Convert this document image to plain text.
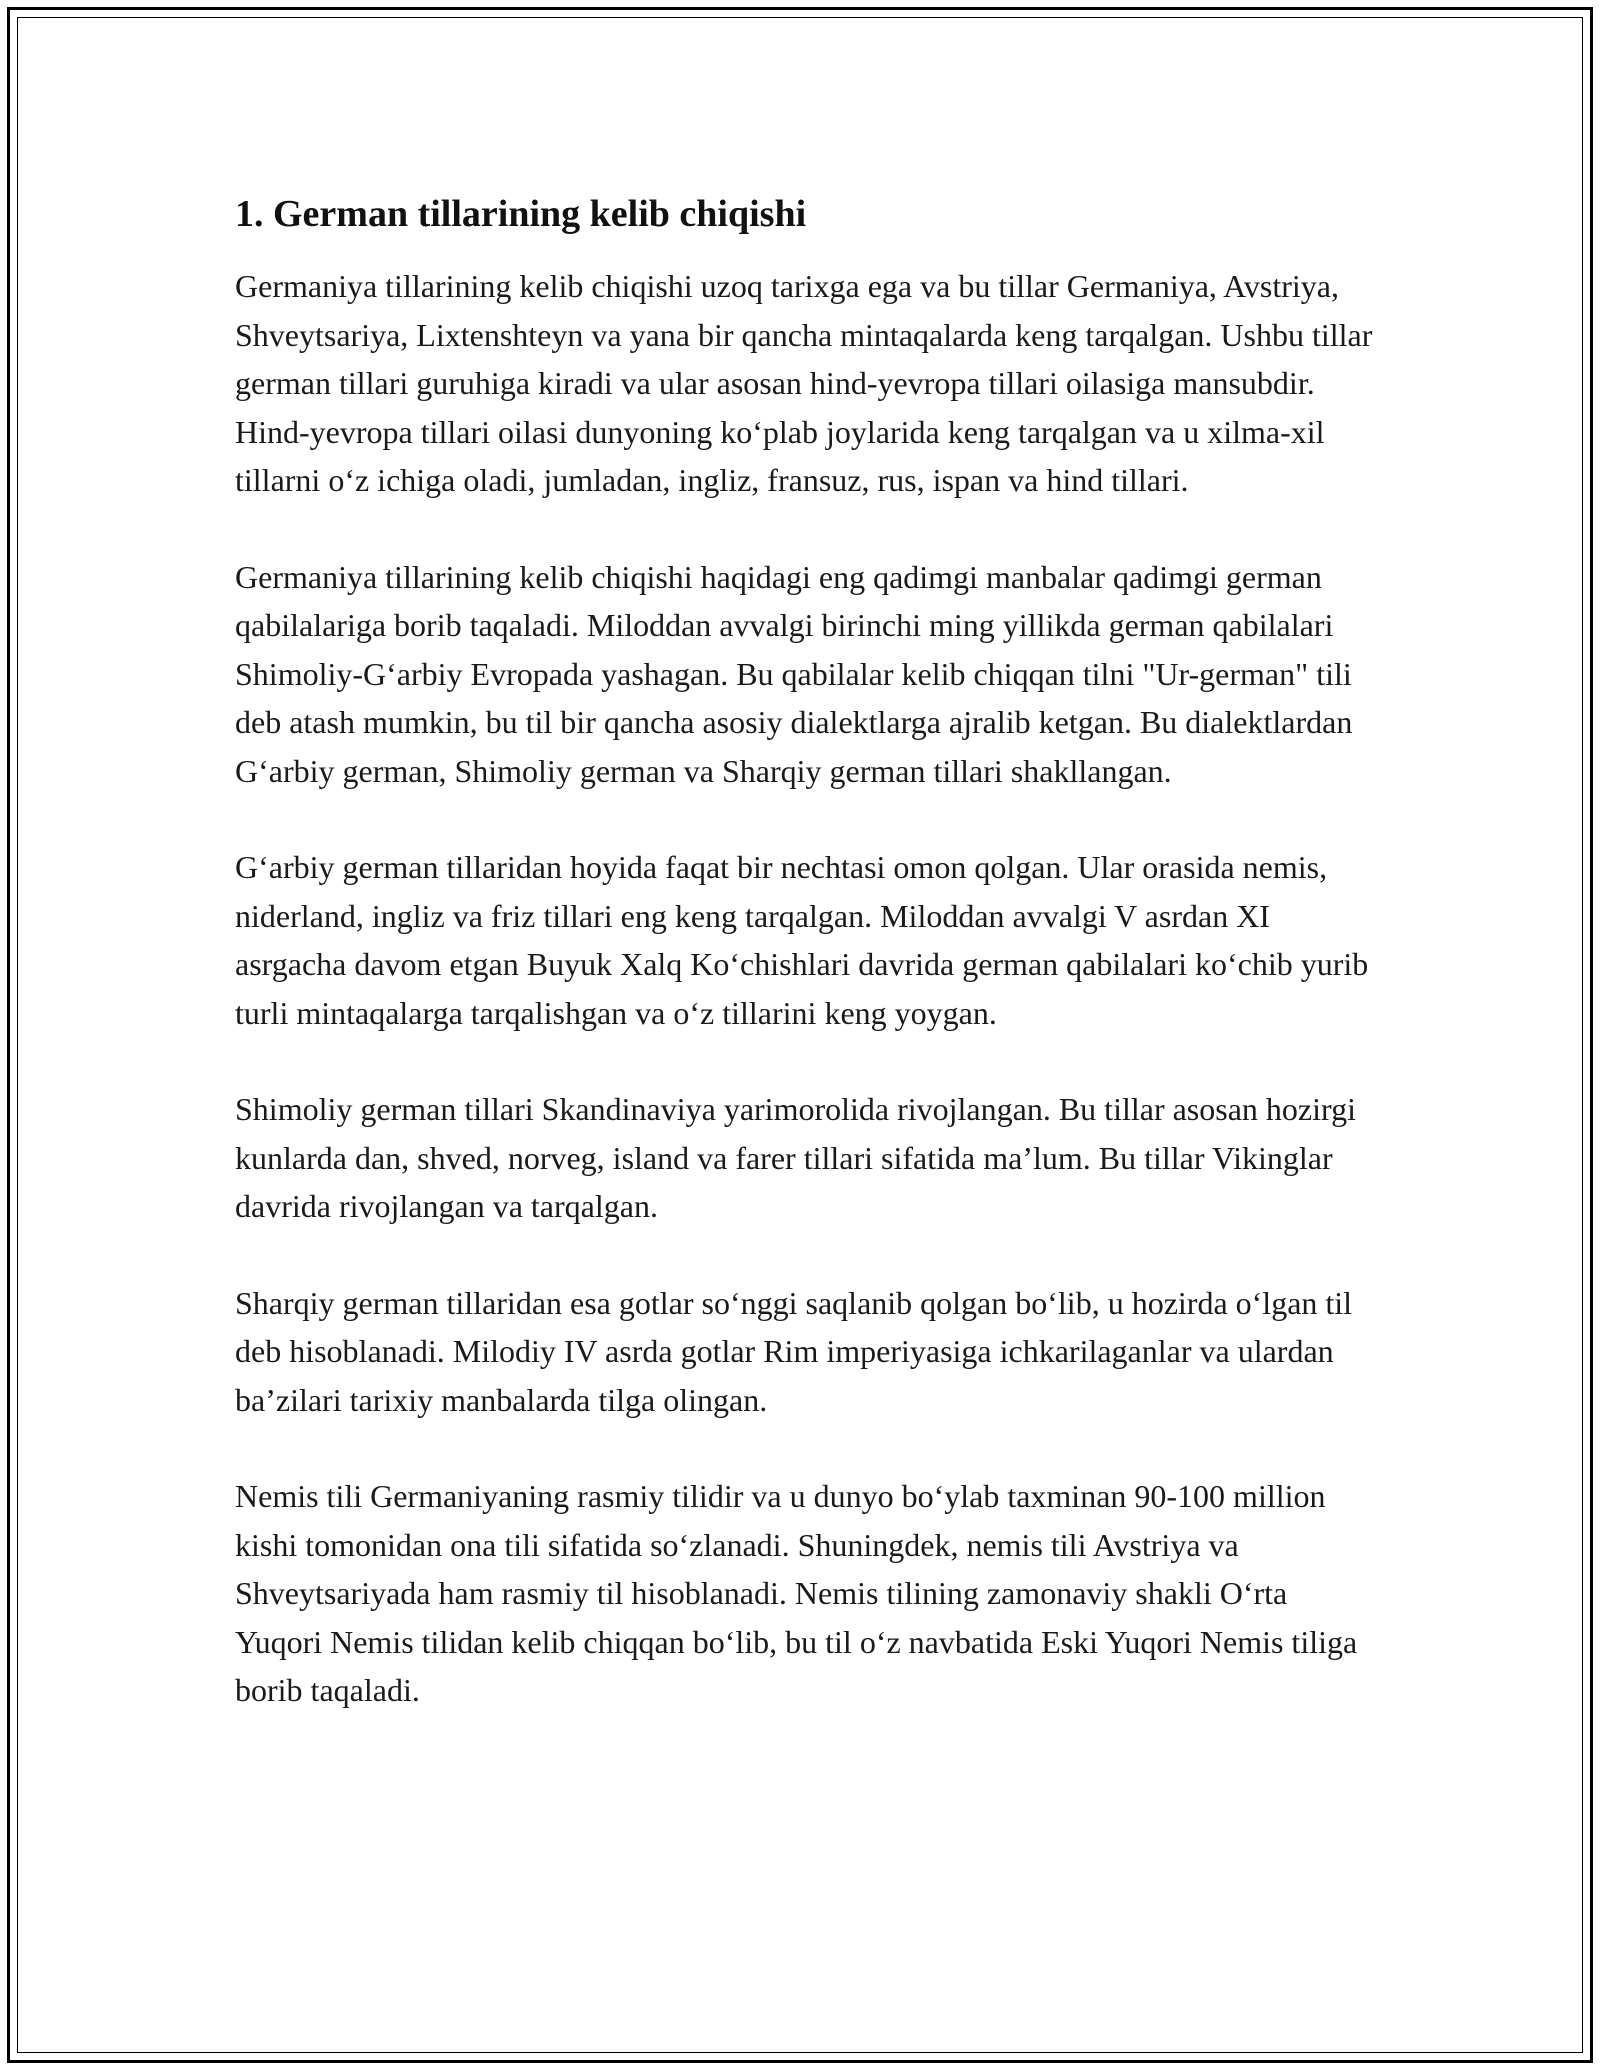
1. German tillarining kelib chiqishi

Germaniya tillarining kelib chiqishi uzoq tarixga ega va bu tillar Germaniya, Avstriya, Shveytsariya, Lixtenshteyn va yana bir qancha mintaqalarda keng tarqalgan. Ushbu tillar german tillari guruhiga kiradi va ular asosan hind-yevropa tillari oilasiga mansubdir. Hind-yevropa tillari oilasi dunyoning ko‘plab joylarida keng tarqalgan va u xilma-xil tillarni o‘z ichiga oladi, jumladan, ingliz, fransuz, rus, ispan va hind tillari.

Germaniya tillarining kelib chiqishi haqidagi eng qadimgi manbalar qadimgi german qabilalariga borib taqaladi. Miloddan avvalgi birinchi ming yillikda german qabilalari Shimoliy-G‘arbiy Evropada yashagan. Bu qabilalar kelib chiqqan tilni "Ur-german" tili deb atash mumkin, bu til bir qancha asosiy dialektlarga ajralib ketgan. Bu dialektlardan G‘arbiy german, Shimoliy german va Sharqiy german tillari shakllangan.

G‘arbiy german tillaridan hoyida faqat bir nechtasi omon qolgan. Ular orasida nemis, niderland, ingliz va friz tillari eng keng tarqalgan. Miloddan avvalgi V asrdan XI asrgacha davom etgan Buyuk Xalq Ko‘chishlari davrida german qabilalari ko‘chib yurib turli mintaqalarga tarqalishgan va o‘z tillarini keng yoygan.

Shimoliy german tillari Skandinaviya yarimorolida rivojlangan. Bu tillar asosan hozirgi kunlarda dan, shved, norveg, island va farer tillari sifatida ma’lum. Bu tillar Vikinglar davrida rivojlangan va tarqalgan.

Sharqiy german tillaridan esa gotlar so‘nggi saqlanib qolgan bo‘lib, u hozirda o‘lgan til deb hisoblanadi. Milodiy IV asrda gotlar Rim imperiyasiga ichkarilaganlar va ulardan ba’zilari tarixiy manbalarda tilga olingan.

Nemis tili Germaniyaning rasmiy tilidir va u dunyo bo‘ylab taxminan 90-100 million kishi tomonidan ona tili sifatida so‘zlanadi. Shuningdek, nemis tili Avstriya va Shveytsariyada ham rasmiy til hisoblanadi. Nemis tilining zamonaviy shakli O‘rta Yuqori Nemis tilidan kelib chiqqan bo‘lib, bu til o‘z navbatida Eski Yuqori Nemis tiliga borib taqaladi.
